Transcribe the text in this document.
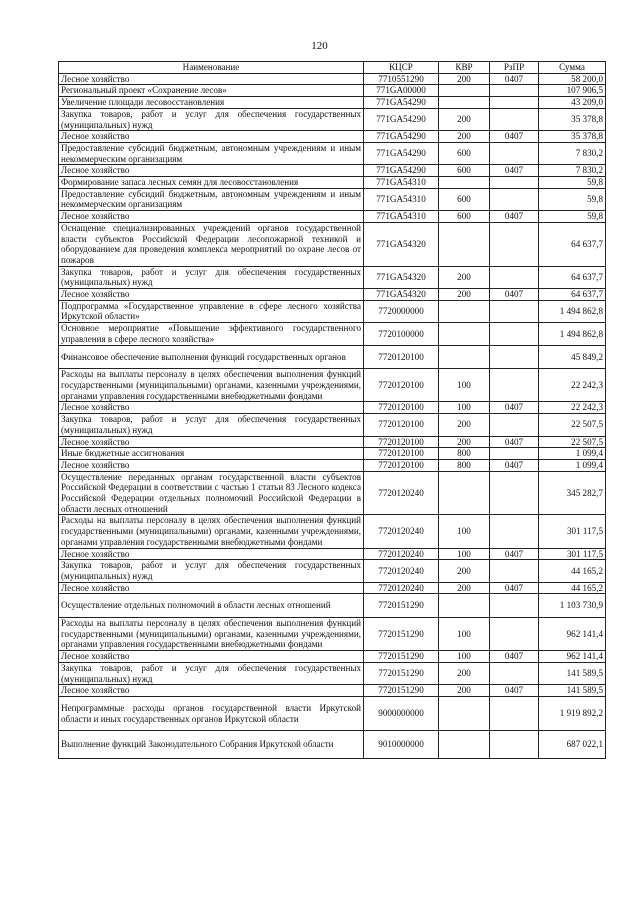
120
Наименование	КЦСР	КВР	РзПР	Сумма
Лесное хозяйство	7710551290	200	0407	58 200,0
Региональный проект «Сохранение лесов»	771GA00000			107 906,5
Увеличение площади лесовосстановления	771GA54290			43 209,0
Закупка товаров, работ и услуг для обеспечения государственных (муниципальных) нужд	771GA54290	200		35 378,8
Лесное хозяйство	771GA54290	200	0407	35 378,8
Предоставление субсидий бюджетным, автономным учреждениям и иным некоммерческим организациям	771GA54290	600		7 830,2
Лесное хозяйство	771GA54290	600	0407	7 830,2
Формирование запаса лесных семян для лесовосстановления	771GA54310			59,8
Предоставление субсидий бюджетным, автономным учреждениям и иным некоммерческим организациям	771GA54310	600		59,8
Лесное хозяйство	771GA54310	600	0407	59,8
Оснащение специализированных учреждений органов государственной власти субъектов Российской Федерации лесопожарной техникой и оборудованием для проведения комплекса мероприятий по охране лесов от пожаров	771GA54320			64 637,7
Закупка товаров, работ и услуг для обеспечения государственных (муниципальных) нужд	771GA54320	200		64 637,7
Лесное хозяйство	771GA54320	200	0407	64 637,7
Подпрограмма «Государственное управление в сфере лесного хозяйства Иркутской области»	7720000000			1 494 862,8
Основное мероприятие «Повышение эффективного государственного управления в сфере лесного хозяйства»	7720100000			1 494 862,8
Финансовое обеспечение выполнения функций государственных органов	7720120100			45 849,2
Расходы на выплаты персоналу в целях обеспечения выполнения функций государственными (муниципальными) органами, казенными учреждениями, органами управления государственными внебюджетными фондами	7720120100	100		22 242,3
Лесное хозяйство	7720120100	100	0407	22 242,3
Закупка товаров, работ и услуг для обеспечения государственных (муниципальных) нужд	7720120100	200		22 507,5
Лесное хозяйство	7720120100	200	0407	22 507,5
Иные бюджетные ассигнования	7720120100	800		1 099,4
Лесное хозяйство	7720120100	800	0407	1 099,4
Осуществление переданных органам государственной власти субъектов Российской Федерации в соответствии с частью 1 статьи 83 Лесного кодекса Российской Федерации отдельных полномочий Российской Федерации в области лесных отношений	7720120240			345 282,7
Расходы на выплаты персоналу в целях обеспечения выполнения функций государственными (муниципальными) органами, казенными учреждениями, органами управления государственными внебюджетными фондами	7720120240	100		301 117,5
Лесное хозяйство	7720120240	100	0407	301 117,5
Закупка товаров, работ и услуг для обеспечения государственных (муниципальных) нужд	7720120240	200		44 165,2
Лесное хозяйство	7720120240	200	0407	44 165,2
Осуществление отдельных полномочий в области лесных отношений	7720151290			1 103 730,9
Расходы на выплаты персоналу в целях обеспечения выполнения функций государственными (муниципальными) органами, казенными учреждениями, органами управления государственными внебюджетными фондами	7720151290	100		962 141,4
Лесное хозяйство	7720151290	100	0407	962 141,4
Закупка товаров, работ и услуг для обеспечения государственных (муниципальных) нужд	7720151290	200		141 589,5
Лесное хозяйство	7720151290	200	0407	141 589,5
Непрограммные расходы органов государственной власти Иркутской области и иных государственных органов Иркутской области	9000000000			1 919 892,2
Выполнение функций Законодательного Собрания Иркутской области	9010000000			687 022,1
